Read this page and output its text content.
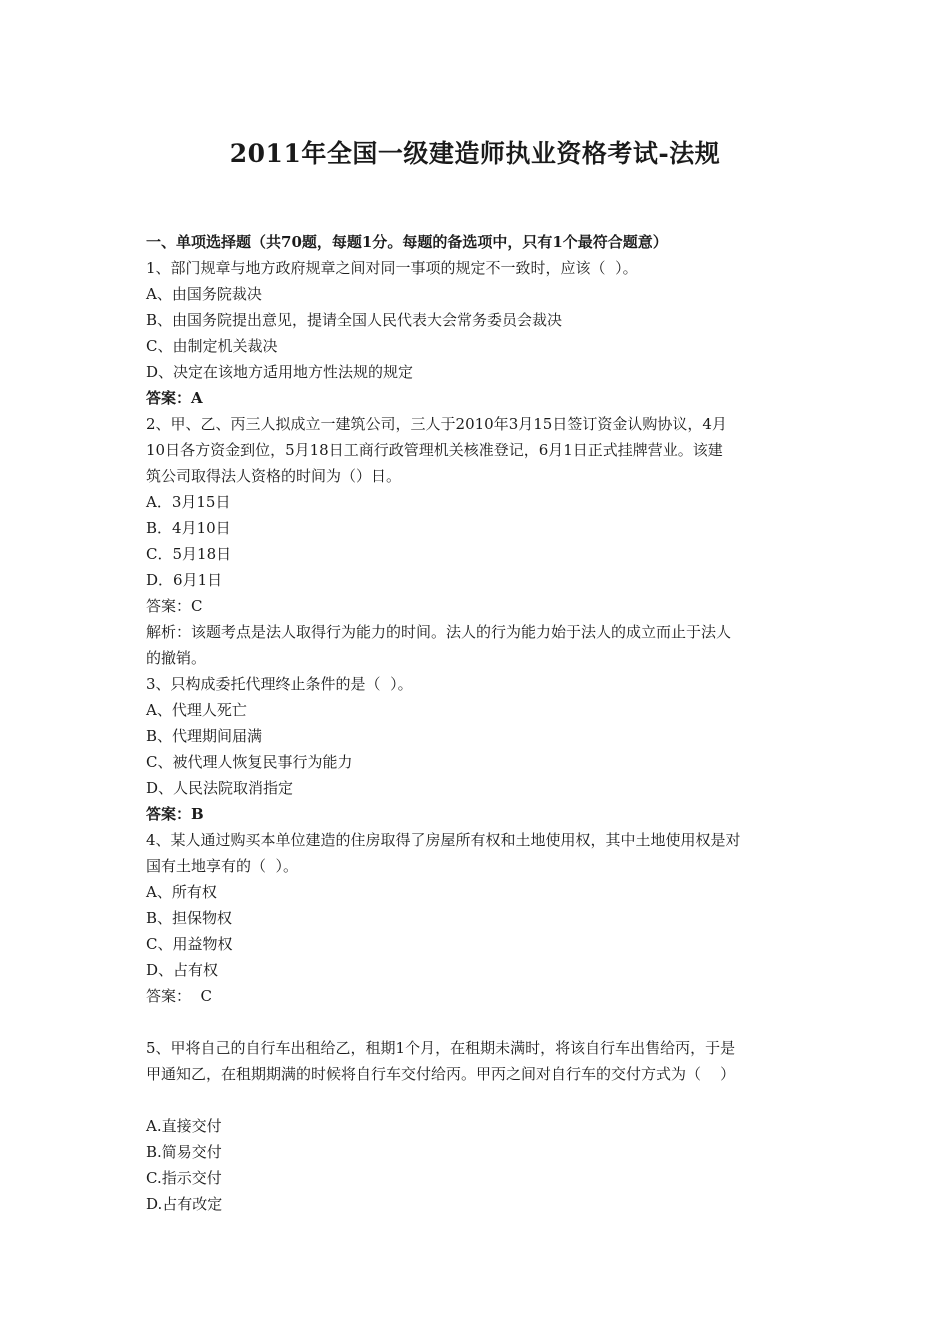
2011年全国一级建造师执业资格考试-法规

一、单项选择题（共70题，每题1分。每题的备选项中，只有1个最符合题意）

1、部门规章与地方政府规章之间对同一事项的规定不一致时，应该（  ）。

A、由国务院裁决

B、由国务院提出意见，提请全国人民代表大会常务委员会裁决

C、由制定机关裁决

D、决定在该地方适用地方性法规的规定

答案：A

2、甲、乙、丙三人拟成立一建筑公司，三人于2010年3月15日签订资金认购协议，4月

10日各方资金到位，5月18日工商行政管理机关核准登记，6月1日正式挂牌营业。该建

筑公司取得法人资格的时间为（）日。

A．3月15日

B．4月10日

C．5月18日

D．6月1日

答案：C

解析：该题考点是法人取得行为能力的时间。法人的行为能力始于法人的成立而止于法人

的撤销。

3、只构成委托代理终止条件的是（  ）。

A、代理人死亡

B、代理期间届满

C、被代理人恢复民事行为能力

D、人民法院取消指定

答案：B

4、某人通过购买本单位建造的住房取得了房屋所有权和土地使用权，其中土地使用权是对

国有土地享有的（  ）。

A、所有权

B、担保物权

C、用益物权

D、占有权

答案：  C

5、甲将自己的自行车出租给乙，租期1个月，在租期未满时，将该自行车出售给丙，于是

甲通知乙，在租期期满的时候将自行车交付给丙。甲丙之间对自行车的交付方式为（    ）

A.直接交付

B.简易交付

C.指示交付

D.占有改定
